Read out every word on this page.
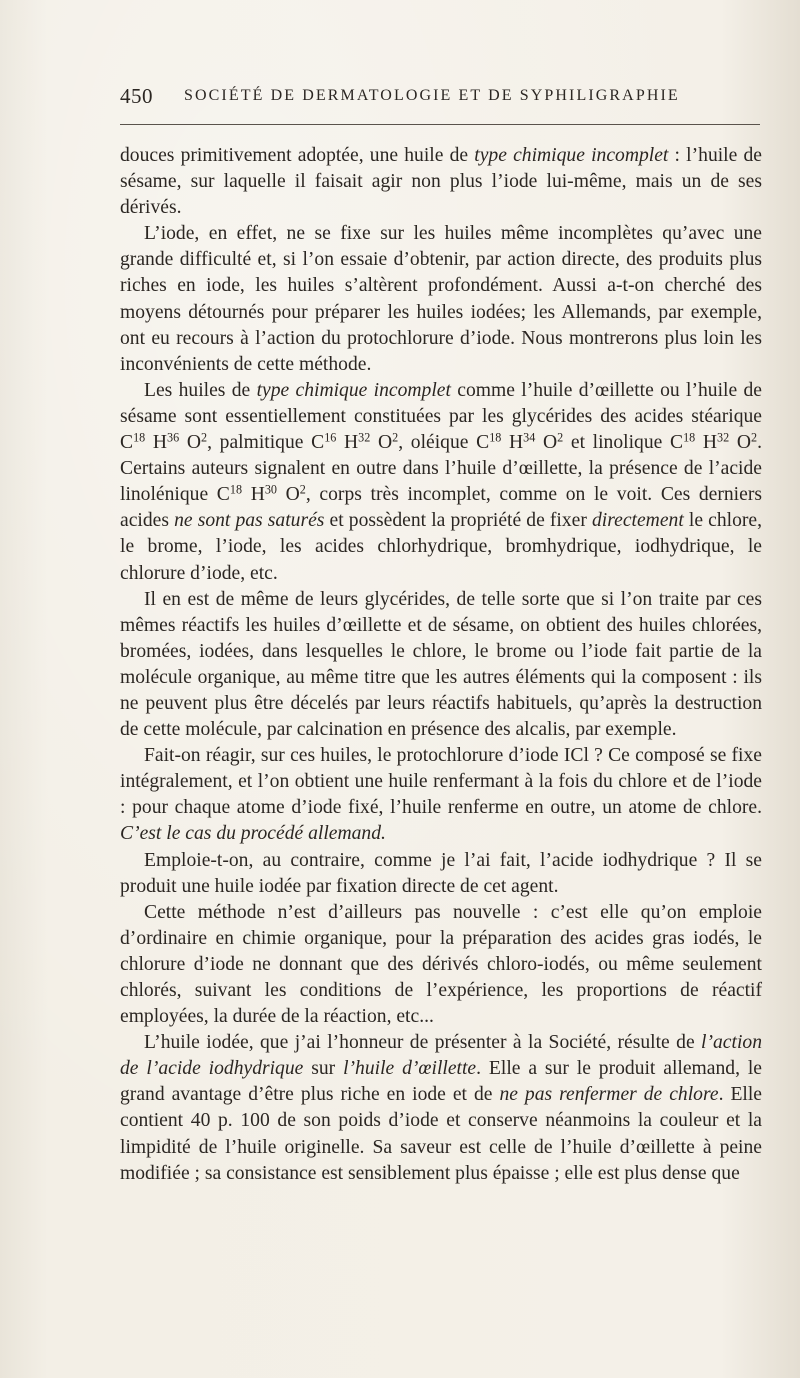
450 SOCIÉTÉ DE DERMATOLOGIE ET DE SYPHILIGRAPHIE

douces primitivement adoptée, une huile de type chimique incomplet : l’huile de sésame, sur laquelle il faisait agir non plus l’iode lui-même, mais un de ses dérivés.

L’iode, en effet, ne se fixe sur les huiles même incomplètes qu’avec une grande difficulté et, si l’on essaie d’obtenir, par action directe, des produits plus riches en iode, les huiles s’altèrent profondément. Aussi a-t-on cherché des moyens détournés pour préparer les huiles iodées; les Allemands, par exemple, ont eu recours à l’action du protochlorure d’iode. Nous montrerons plus loin les inconvénients de cette méthode.

Les huiles de type chimique incomplet comme l’huile d’œillette ou l’huile de sésame sont essentiellement constituées par les glycérides des acides stéarique $C^{18}$ $H^{36}$ $O^2$, palmitique $C^{16}$ $H^{32}$ $O^2$, oléique $C^{18}$ $H^{34}$ $O^2$ et linolique $C^{18}$ $H^{32}$ $O^2$. Certains auteurs signalent en outre dans l’huile d’œillette, la présence de l’acide linolénique $C^{18}$ $H^{30}$ $O^2$, corps très incomplet, comme on le voit. Ces derniers acides ne sont pas saturés et possèdent la propriété de fixer directement le chlore, le brome, l’iode, les acides chlorhydrique, bromhydrique, iodhydrique, le chlorure d’iode, etc.

Il en est de même de leurs glycérides, de telle sorte que si l’on traite par ces mêmes réactifs les huiles d’œillette et de sésame, on obtient des huiles chlorées, bromées, iodées, dans lesquelles le chlore, le brome ou l’iode fait partie de la molécule organique, au même titre que les autres éléments qui la composent : ils ne peuvent plus être décelés par leurs réactifs habituels, qu’après la destruction de cette molécule, par calcination en présence des alcalis, par exemple.

Fait-on réagir, sur ces huiles, le protochlorure d’iode ICl ? Ce composé se fixe intégralement, et l’on obtient une huile renfermant à la fois du chlore et de l’iode : pour chaque atome d’iode fixé, l’huile renferme en outre, un atome de chlore. C’est le cas du procédé allemand.

Emploie-t-on, au contraire, comme je l’ai fait, l’acide iodhydrique ? Il se produit une huile iodée par fixation directe de cet agent.

Cette méthode n’est d’ailleurs pas nouvelle : c’est elle qu’on emploie d’ordinaire en chimie organique, pour la préparation des acides gras iodés, le chlorure d’iode ne donnant que des dérivés chloro-iodés, ou même seulement chlorés, suivant les conditions de l’expérience, les proportions de réactif employées, la durée de la réaction, etc...

L’huile iodée, que j’ai l’honneur de présenter à la Société, résulte de l’action de l’acide iodhydrique sur l’huile d’œillette. Elle a sur le produit allemand, le grand avantage d’être plus riche en iode et de ne pas renfermer de chlore. Elle contient 40 p. 100 de son poids d’iode et conserve néanmoins la couleur et la limpidité de l’huile originelle. Sa saveur est celle de l’huile d’œillette à peine modifiée ; sa consistance est sensiblement plus épaisse ; elle est plus dense que
